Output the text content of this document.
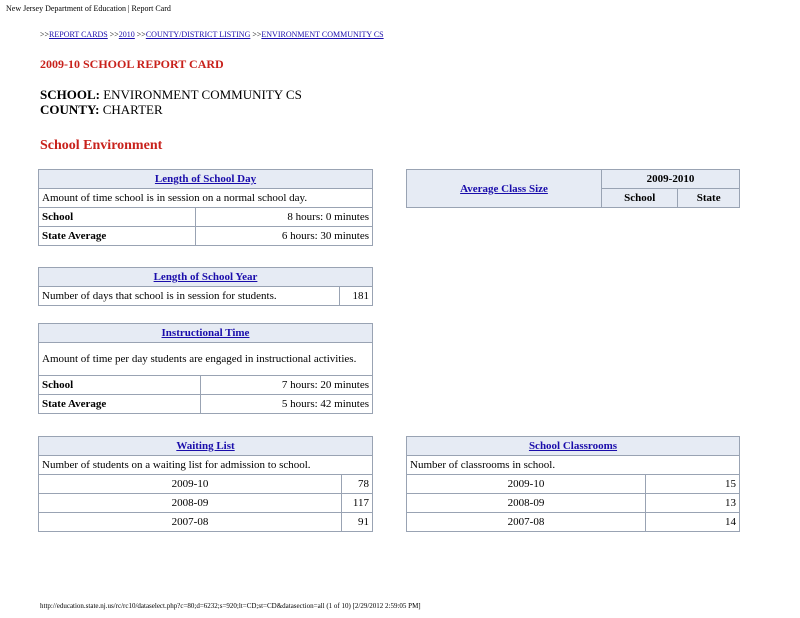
New Jersey Department of Education | Report Card
>>REPORT CARDS >>2010 >>COUNTY/DISTRICT LISTING >>ENVIRONMENT COMMUNITY CS
2009-10 SCHOOL REPORT CARD
SCHOOL: ENVIRONMENT COMMUNITY CS
COUNTY: CHARTER
School Environment
Length of School Day	
Amount of time school is in session on a normal school day.	
School	8 hours: 0 minutes
State Average	6 hours: 30 minutes
Length of School Year
Number of days that school is in session for students.	181
Instructional Time	
Amount of time per day students are engaged in instructional activities.	
School	7 hours: 20 minutes
State Average	5 hours: 42 minutes
Average Class Size	2009-2010	
	School	State
Waiting List	
Number of students on a waiting list for admission to school.	
2009-10	78
2008-09	117
2007-08	91
School Classrooms	
Number of classrooms in school.	
2009-10	15
2008-09	13
2007-08	14
http://education.state.nj.us/rc/rc10/dataselect.php?c=80;d=6232;s=920;lt=CD;st=CD&datasection=all (1 of 10) [2/29/2012 2:59:05 PM]
